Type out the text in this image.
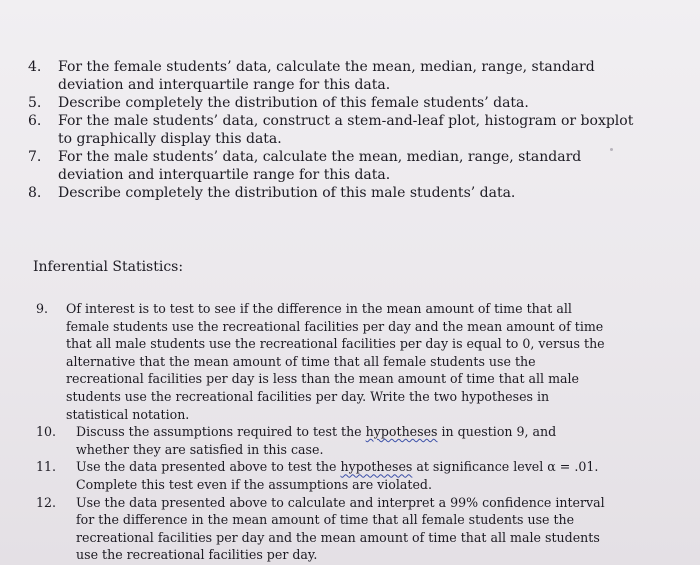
4. For the female students’ data, calculate the mean, median, range, standard deviation and interquartile range for this data.
5. Describe completely the distribution of this female students’ data.
6. For the male students’ data, construct a stem-and-leaf plot, histogram or boxplot to graphically display this data.
7. For the male students’ data, calculate the mean, median, range, standard deviation and interquartile range for this data.
8. Describe completely the distribution of this male students’ data.
Inferential Statistics:
9. Of interest is to test to see if the difference in the mean amount of time that all female students use the recreational facilities per day and the mean amount of time that all male students use the recreational facilities per day is equal to 0, versus the alternative that the mean amount of time that all female students use the recreational facilities per day is less than the mean amount of time that all male students use the recreational facilities per day. Write the two hypotheses in statistical notation.
10. Discuss the assumptions required to test the hypotheses in question 9, and whether they are satisfied in this case.
11. Use the data presented above to test the hypotheses at significance level α = .01. Complete this test even if the assumptions are violated.
12. Use the data presented above to calculate and interpret a 99% confidence interval for the difference in the mean amount of time that all female students use the recreational facilities per day and the mean amount of time that all male students use the recreational facilities per day.
